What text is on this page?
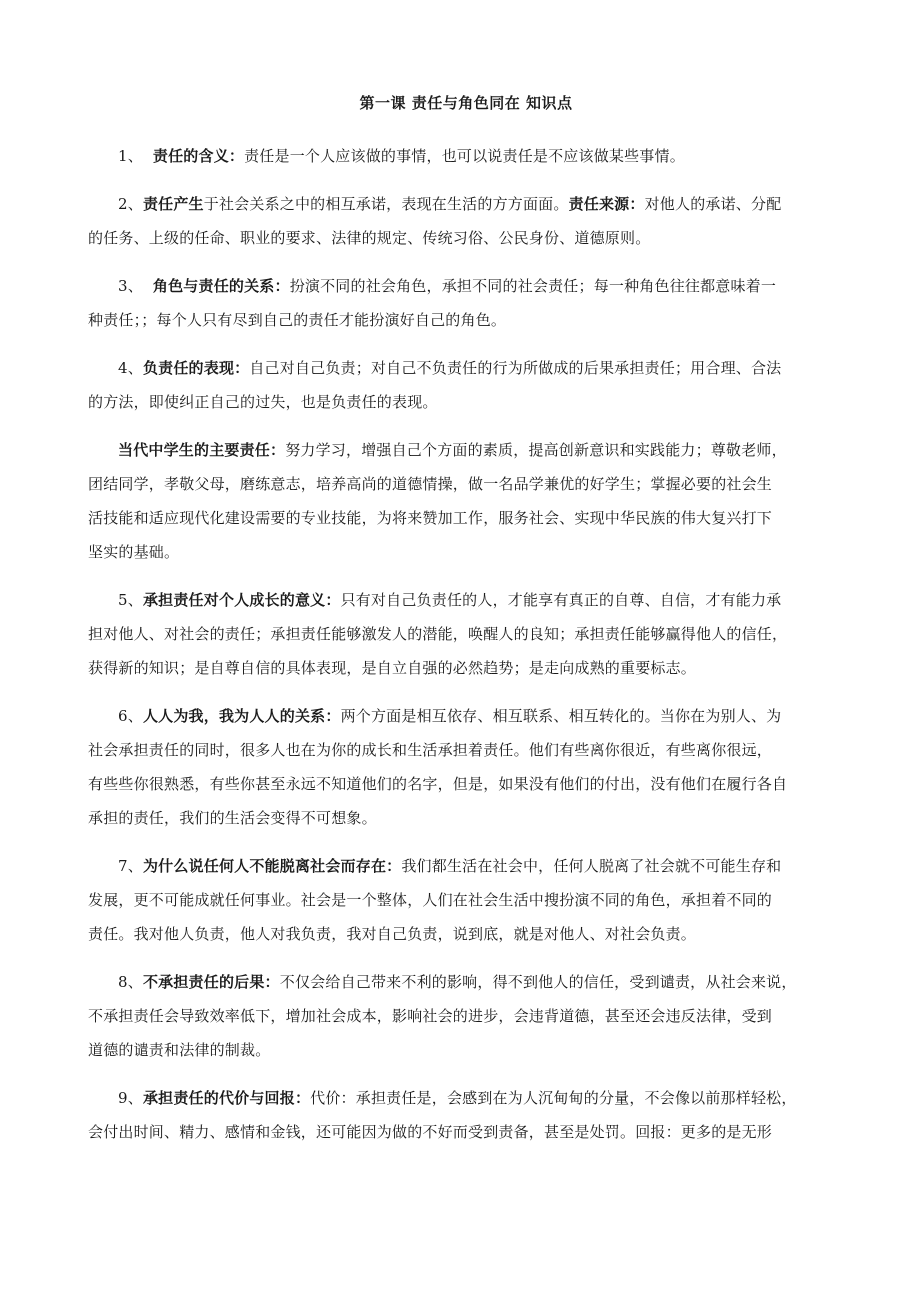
第一课 责任与角色同在 知识点
1、 责任的含义：责任是一个人应该做的事情，也可以说责任是不应该做某些事情。
2、责任产生于社会关系之中的相互承诺，表现在生活的方方面面。责任来源：对他人的承诺、分配
的任务、上级的任命、职业的要求、法律的规定、传统习俗、公民身份、道德原则。
3、 角色与责任的关系：扮演不同的社会角色，承担不同的社会责任；每一种角色往往都意味着一
种责任；；每个人只有尽到自己的责任才能扮演好自己的角色。
4、负责任的表现：自己对自己负责；对自己不负责任的行为所做成的后果承担责任；用合理、合法
的方法，即使纠正自己的过失，也是负责任的表现。
当代中学生的主要责任：努力学习，增强自己个方面的素质，提高创新意识和实践能力；尊敬老师，
团结同学，孝敬父母，磨练意志，培养高尚的道德情操，做一名品学兼优的好学生；掌握必要的社会生
活技能和适应现代化建设需要的专业技能，为将来赞加工作，服务社会、实现中华民族的伟大复兴打下
坚实的基础。
5、承担责任对个人成长的意义：只有对自己负责任的人，才能享有真正的自尊、自信，才有能力承
担对他人、对社会的责任；承担责任能够激发人的潜能，唤醒人的良知；承担责任能够赢得他人的信任，
获得新的知识；是自尊自信的具体表现，是自立自强的必然趋势；是走向成熟的重要标志。
6、人人为我，我为人人的关系：两个方面是相互依存、相互联系、相互转化的。当你在为别人、为
社会承担责任的同时，很多人也在为你的成长和生活承担着责任。他们有些离你很近，有些离你很远，
有些些你很熟悉，有些你甚至永远不知道他们的名字，但是，如果没有他们的付出，没有他们在履行各自
承担的责任，我们的生活会变得不可想象。
7、为什么说任何人不能脱离社会而存在：我们都生活在社会中，任何人脱离了社会就不可能生存和
发展，更不可能成就任何事业。社会是一个整体，人们在社会生活中搜扮演不同的角色，承担着不同的
责任。我对他人负责，他人对我负责，我对自己负责，说到底，就是对他人、对社会负责。
8、不承担责任的后果：不仅会给自己带来不利的影响，得不到他人的信任，受到谴责，从社会来说，
不承担责任会导致效率低下，增加社会成本，影响社会的进步，会违背道德，甚至还会违反法律，受到
道德的谴责和法律的制裁。
9、承担责任的代价与回报：代价：承担责任是，会感到在为人沉甸甸的分量，不会像以前那样轻松，
会付出时间、精力、感情和金钱，还可能因为做的不好而受到责备，甚至是处罚。回报：更多的是无形
